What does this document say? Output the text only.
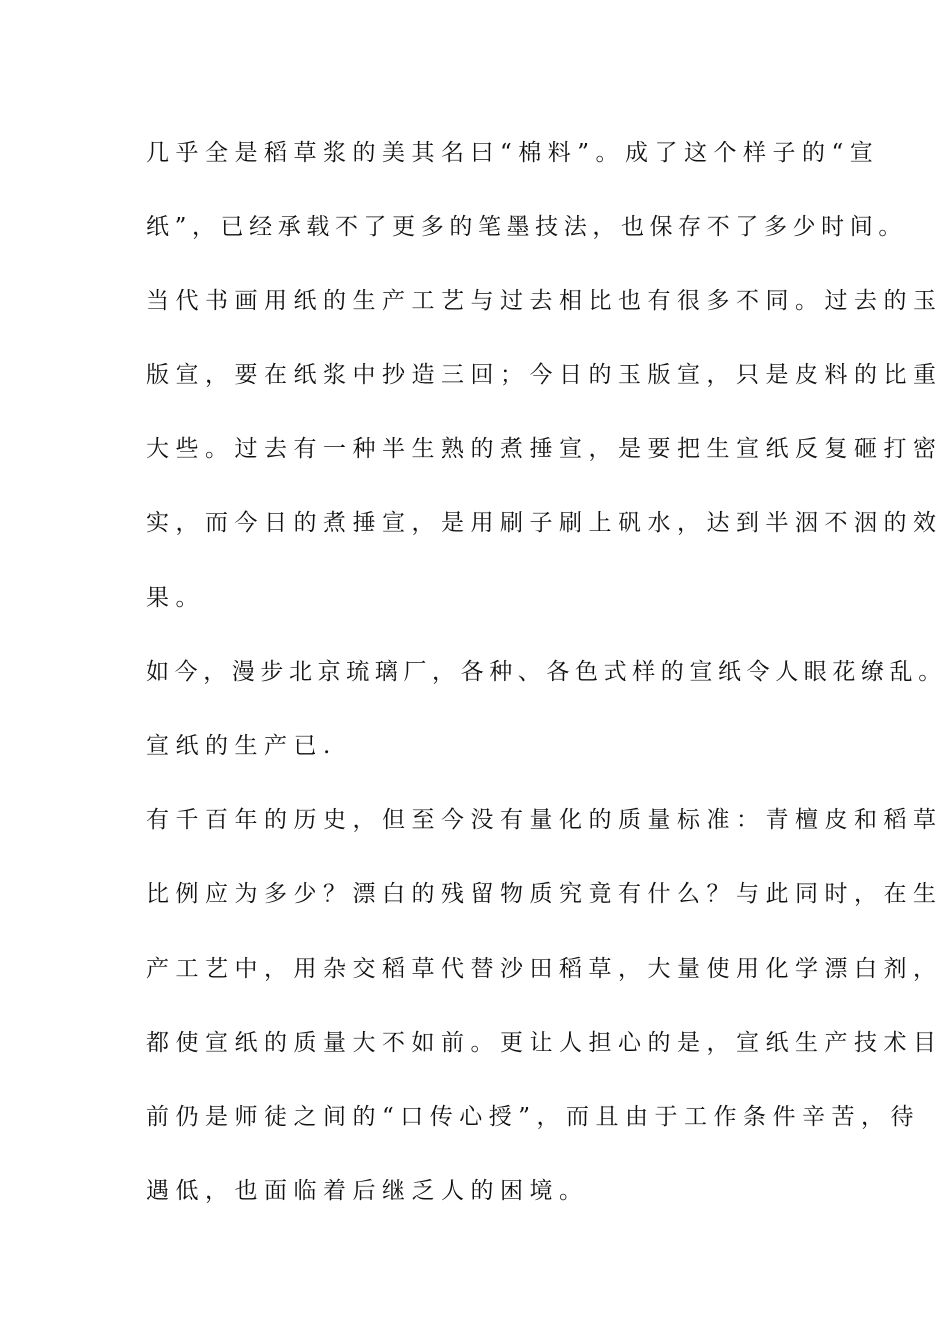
几乎全是稻草浆的美其名曰“棉料”。成了这个样子的“宣
纸”，已经承载不了更多的笔墨技法，也保存不了多少时间。
当代书画用纸的生产工艺与过去相比也有很多不同。过去的玉
版宣，要在纸浆中抄造三回；今日的玉版宣，只是皮料的比重
大些。过去有一种半生熟的煮捶宣，是要把生宣纸反复砸打密
实，而今日的煮捶宣，是用刷子刷上矾水，达到半洇不洇的效
果。
如今，漫步北京琉璃厂，各种、各色式样的宣纸令人眼花缭乱。
宣纸的生产已.
有千百年的历史，但至今没有量化的质量标准：青檀皮和稻草
比例应为多少？漂白的残留物质究竟有什么？与此同时，在生
产工艺中，用杂交稻草代替沙田稻草，大量使用化学漂白剂，
都使宣纸的质量大不如前。更让人担心的是，宣纸生产技术目
前仍是师徒之间的“口传心授”，而且由于工作条件辛苦，待
遇低，也面临着后继乏人的困境。
